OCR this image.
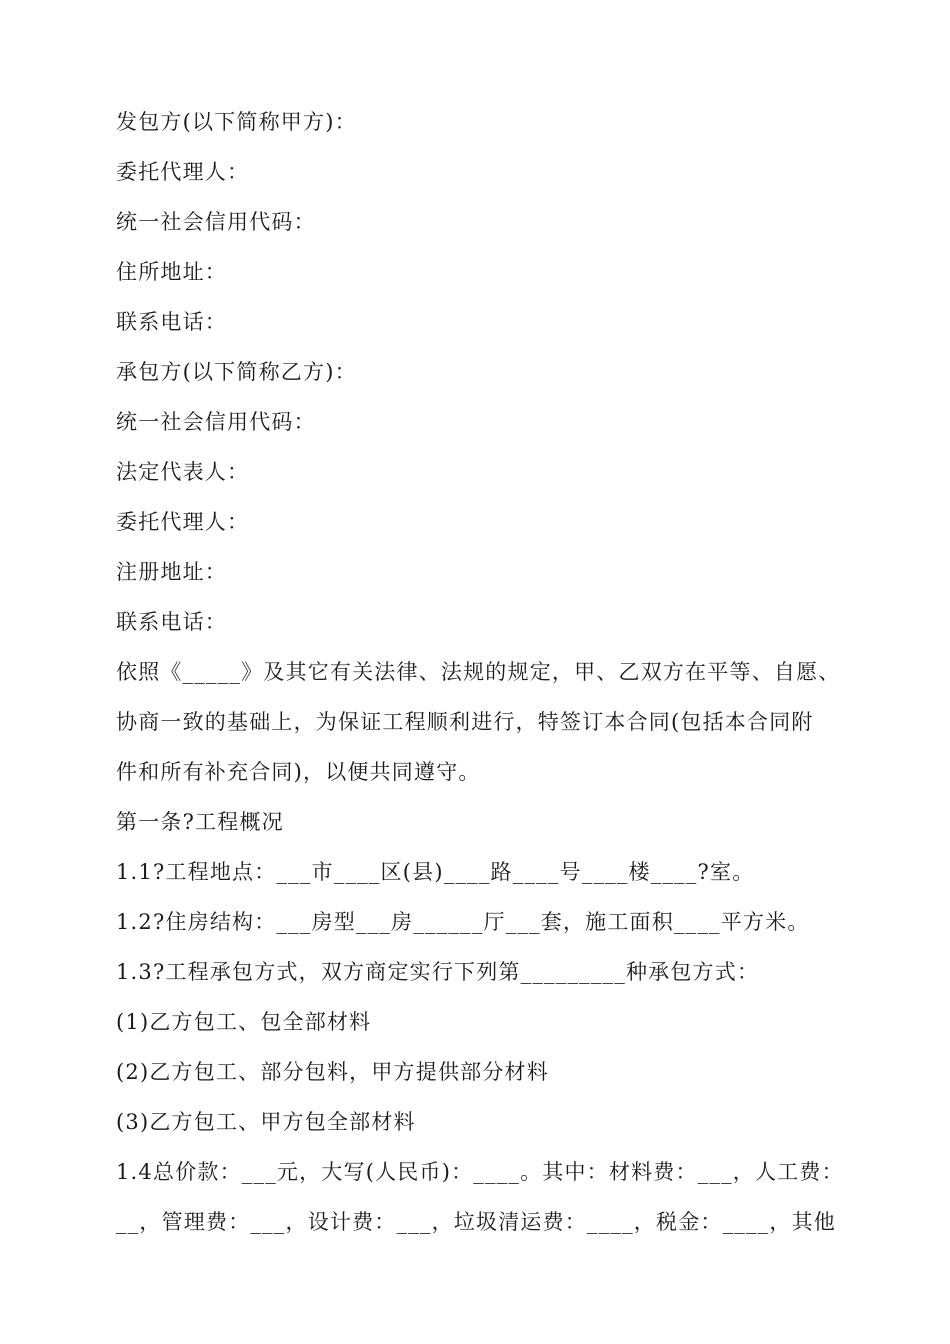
发包方(以下简称甲方)：
委托代理人：
统一社会信用代码：
住所地址：
联系电话：
承包方(以下简称乙方)：
统一社会信用代码：
法定代表人：
委托代理人：
注册地址：
联系电话：
依照《_____》及其它有关法律、法规的规定，甲、乙双方在平等、自愿、
协商一致的基础上，为保证工程顺利进行，特签订本合同(包括本合同附
件和所有补充合同)，以便共同遵守。
第一条?工程概况
1.1?工程地点：___市____区(县)____路____号____楼____?室。
1.2?住房结构：___房型___房______厅___套，施工面积____平方米。
1.3?工程承包方式，双方商定实行下列第_________种承包方式：
(1)乙方包工、包全部材料
(2)乙方包工、部分包料，甲方提供部分材料
(3)乙方包工、甲方包全部材料
1.4总价款：___元，大写(人民币)：____。其中：材料费：___，人工费：
__，管理费：___，设计费：___，垃圾清运费：____，税金：____，其他
